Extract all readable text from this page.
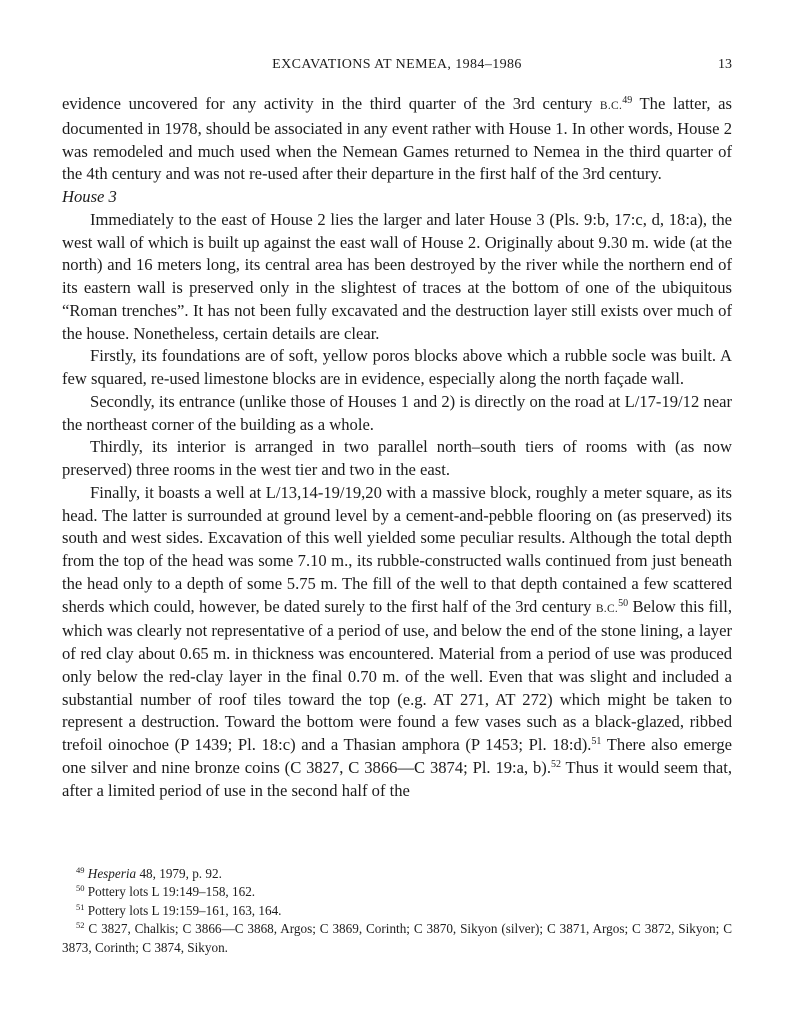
EXCAVATIONS AT NEMEA, 1984–1986	13

evidence uncovered for any activity in the third quarter of the 3rd century B.C.$^{49}$ The latter, as documented in 1978, should be associated in any event rather with House 1. In other words, House 2 was remodeled and much used when the Nemean Games returned to Nemea in the third quarter of the 4th century and was not re-used after their departure in the first half of the 3rd century.

House 3

Immediately to the east of House 2 lies the larger and later House 3 (Pls. 9:b, 17:c, d, 18:a), the west wall of which is built up against the east wall of House 2. Originally about 9.30 m. wide (at the north) and 16 meters long, its central area has been destroyed by the river while the northern end of its eastern wall is preserved only in the slightest of traces at the bottom of one of the ubiquitous “Roman trenches”. It has not been fully excavated and the destruction layer still exists over much of the house. Nonetheless, certain details are clear.

Firstly, its foundations are of soft, yellow poros blocks above which a rubble socle was built. A few squared, re-used limestone blocks are in evidence, especially along the north façade wall.

Secondly, its entrance (unlike those of Houses 1 and 2) is directly on the road at L/17-19/12 near the northeast corner of the building as a whole.

Thirdly, its interior is arranged in two parallel north–south tiers of rooms with (as now preserved) three rooms in the west tier and two in the east.

Finally, it boasts a well at L/13,14-19/19,20 with a massive block, roughly a meter square, as its head. The latter is surrounded at ground level by a cement-and-pebble flooring on (as preserved) its south and west sides. Excavation of this well yielded some peculiar results. Although the total depth from the top of the head was some 7.10 m., its rubble-constructed walls continued from just beneath the head only to a depth of some 5.75 m. The fill of the well to that depth contained a few scattered sherds which could, however, be dated surely to the first half of the 3rd century B.C.$^{50}$ Below this fill, which was clearly not representative of a period of use, and below the end of the stone lining, a layer of red clay about 0.65 m. in thickness was encountered. Material from a period of use was produced only below the red-clay layer in the final 0.70 m. of the well. Even that was slight and included a substantial number of roof tiles toward the top (e.g. AT 271, AT 272) which might be taken to represent a destruction. Toward the bottom were found a few vases such as a black-glazed, ribbed trefoil oinochoe (P 1439; Pl. 18:c) and a Thasian amphora (P 1453; Pl. 18:d).$^{51}$ There also emerge one silver and nine bronze coins (C 3827, C 3866—C 3874; Pl. 19:a, b).$^{52}$ Thus it would seem that, after a limited period of use in the second half of the

$^{49}$ Hesperia 48, 1979, p. 92.

$^{50}$ Pottery lots L 19:149–158, 162.

$^{51}$ Pottery lots L 19:159–161, 163, 164.

$^{52}$ C 3827, Chalkis; C 3866—C 3868, Argos; C 3869, Corinth; C 3870, Sikyon (silver); C 3871, Argos; C 3872, Sikyon; C 3873, Corinth; C 3874, Sikyon.
